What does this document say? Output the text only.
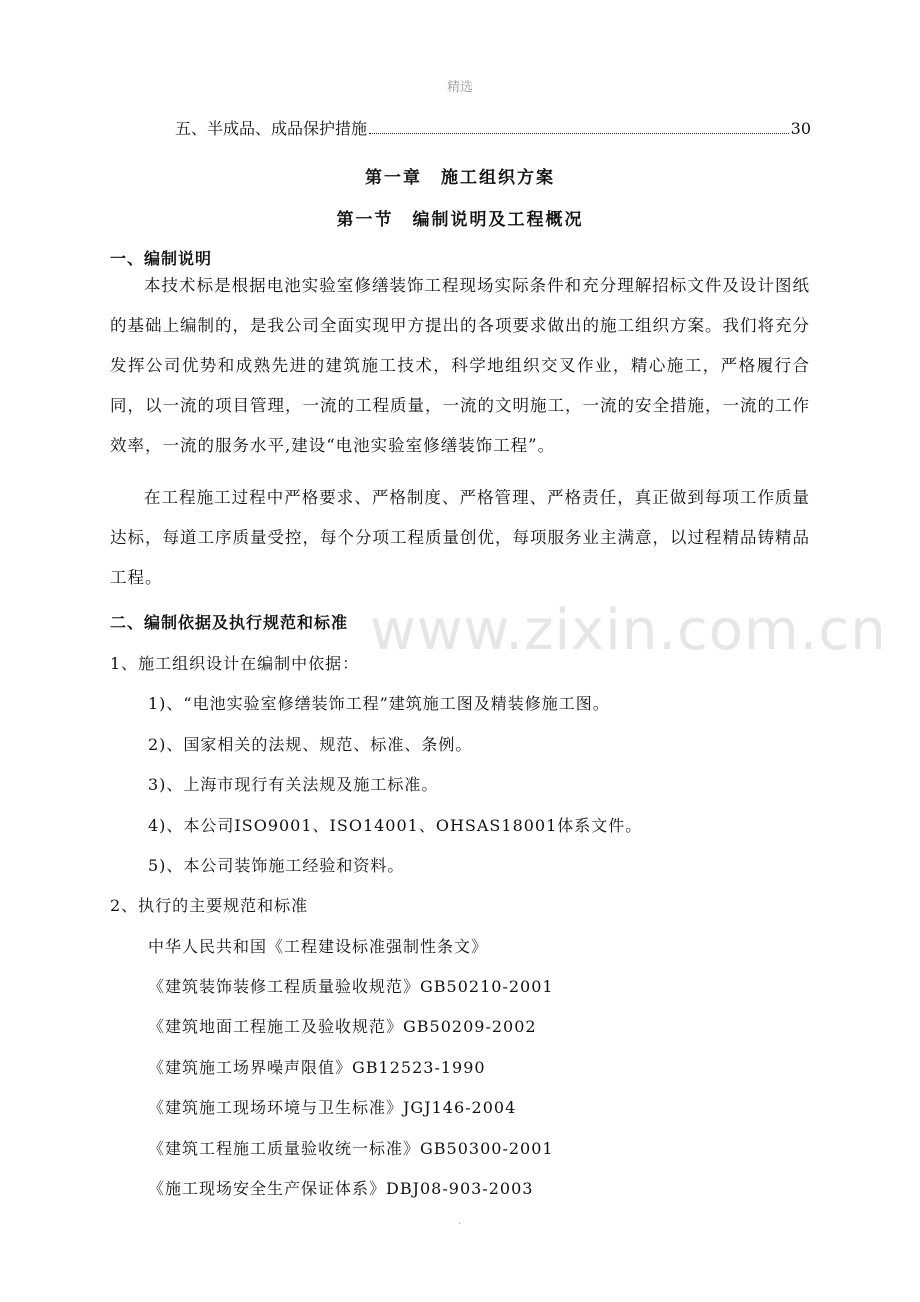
精选
五、半成品、成品保护措施	30
第一章　施工组织方案
第一节　编制说明及工程概况
一、编制说明
本技术标是根据电池实验室修缮装饰工程现场实际条件和充分理解招标文件及设计图纸的基础上编制的，是我公司全面实现甲方提出的各项要求做出的施工组织方案。我们将充分发挥公司优势和成熟先进的建筑施工技术，科学地组织交叉作业，精心施工，严格履行合同，以一流的项目管理，一流的工程质量，一流的文明施工，一流的安全措施，一流的工作效率，一流的服务水平,建设“电池实验室修缮装饰工程”。
在工程施工过程中严格要求、严格制度、严格管理、严格责任，真正做到每项工作质量达标，每道工序质量受控，每个分项工程质量创优，每项服务业主满意，以过程精品铸精品工程。
www.zixin.com.cn
二、编制依据及执行规范和标准
1、施工组织设计在编制中依据：
1)、“电池实验室修缮装饰工程”建筑施工图及精装修施工图。
2)、国家相关的法规、规范、标准、条例。
3)、上海市现行有关法规及施工标准。
4)、本公司ISO9001、ISO14001、OHSAS18001体系文件。
5)、本公司装饰施工经验和资料。
2、执行的主要规范和标准
中华人民共和国《工程建设标准强制性条文》
《建筑装饰装修工程质量验收规范》GB50210-2001
《建筑地面工程施工及验收规范》GB50209-2002
《建筑施工场界噪声限值》GB12523-1990
《建筑施工现场环境与卫生标准》JGJ146-2004
《建筑工程施工质量验收统一标准》GB50300-2001
《施工现场安全生产保证体系》DBJ08-903-2003
.
